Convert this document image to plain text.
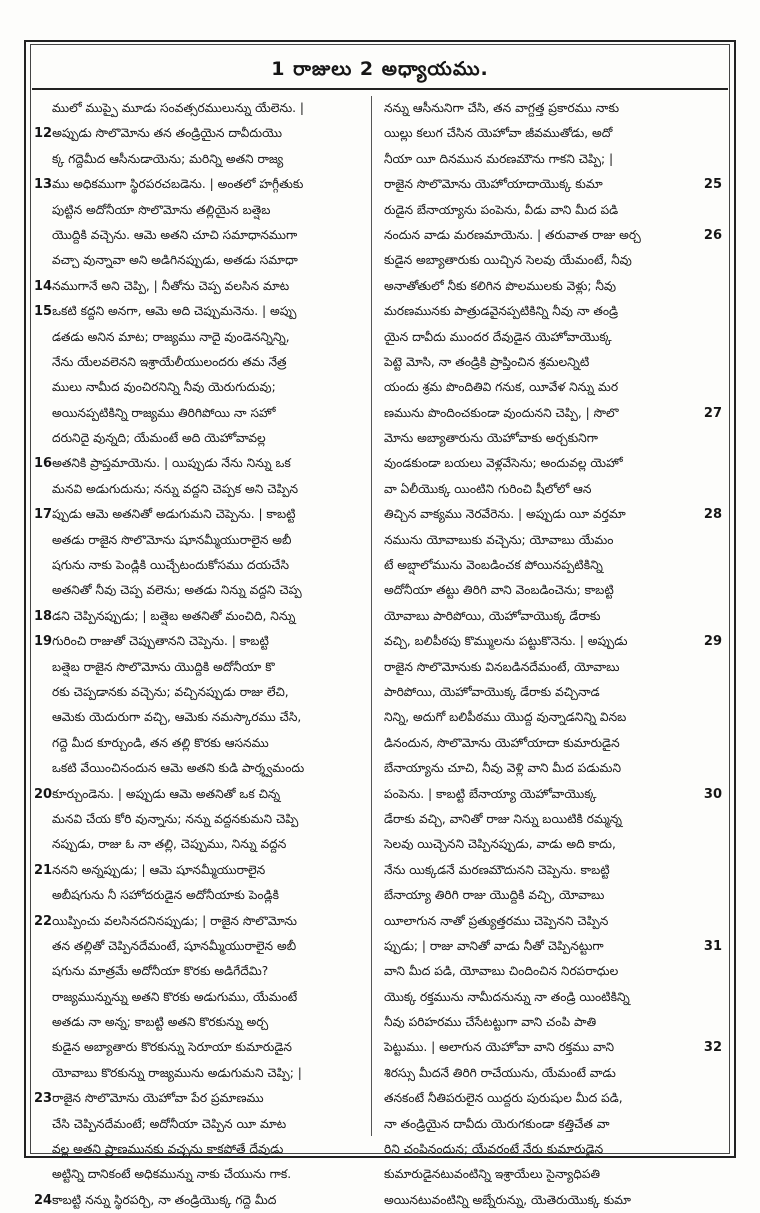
1 రాజులు 2 అధ్యాయము.
ములో ముప్పై మూడు సంవత్సరములున్ను యేలెను. |
12అప్పుడు సొలొమోను తన తండ్రియైన దావీదుయొ
క్క గద్దెమీద ఆసీనుడాయెను; మరిన్ని అతని రాజ్య
13ము అధికముగా స్థిరపరచబడెను. | అంతలో హగ్గీతుకు
పుట్టిన అదోనీయా సొలొమోను తల్లియైన బత్షెబ
యొద్దికి వచ్చెను. ఆమె అతని చూచి సమాధానముగా
వచ్చా వున్నావా అని అడిగినప్పుడు, అతడు సమాధా
14నముగానే అని చెప్పి, | నీతోను చెప్ప వలసిన మాట
15ఒకటి కద్దని అనగా, ఆమె అది చెప్పుమనెను. | అప్పు
డతడు అనిన మాట; రాజ్యము నాదై వుండెనన్నిన్ని,
నేను యేలవలెనని ఇశ్రాయేలీయులందరు తమ నేత్ర
ములు నామీద వుంచిరనిన్ని నీవు యెరుగుదువు;
అయినప్పటికిన్ని రాజ్యము తిరిగిపోయి నా సహో
దరునిదై వున్నది; యేమంటే అది యెహోవావల్ల
16అతనికి ప్రాప్తమాయెను. | యిప్పుడు నేను నిన్ను ఒక
మనవి అడుగుదును; నన్ను వద్దని చెప్పక అని చెప్పిన
17ప్పుడు ఆమె అతనితో అడుగుమని చెప్పెను. | కాబట్టి
అతడు రాజైన సొలొమోను షూనమ్మీయురాలైన అబీ
షగును నాకు పెండ్లికి యిచ్చేటందుకోసము దయచేసి
అతనితో నీవు చెప్ప వలెను; అతడు నిన్ను వద్దని చెప్ప
18డని చెప్పినప్పుడు; | బత్షెబ అతనితో మంచిది, నిన్ను
19గురించి రాజుతో చెప్పుతానని చెప్పెను. | కాబట్టి
బత్షెబ రాజైన సొలొమోను యొద్దికి అదోనీయా కొ
రకు చెప్పడానకు వచ్చెను; వచ్చినప్పుడు రాజు లేచి,
ఆమెకు యెదురుగా వచ్చి, ఆమెకు నమస్కారము చేసి,
గద్దె మీద కూర్చుండి, తన తల్లి కొరకు ఆసనము
ఒకటి వేయించినందున ఆమె అతని కుడి పార్శ్వమందు
20కూర్చుండెను. | అప్పుడు ఆమె అతనితో ఒక చిన్న
మనవి చేయ కోరి వున్నాను; నన్ను వద్దనకుమని చెప్పి
నప్పుడు, రాజు ఓ నా తల్లి, చెప్పుము, నిన్ను వద్దన
21ననని అన్నప్పుడు; | ఆమె షూనమ్మీయురాలైన
అబీషగును నీ సహోదరుడైన అదోనీయాకు పెండ్లికి
22యిప్పించు వలసినదనినప్పుడు; | రాజైన సొలొమోను
తన తల్లితో చెప్పినదేమంటే, షూనమ్మీయురాలైన అబీ
షగును మాత్రమే అదోనీయా కొరకు అడిగేదేమి?
రాజ్యమున్నున్ను అతని కొరకు అడుగుము, యేమంటే
అతడు నా అన్న; కాబట్టి అతని కొరకున్ను అర్చ
కుడైన అబ్యాతారు కొరకున్ను సెరూయా కుమారుడైన
యోవాబు కొరకున్ను రాజ్యమును అడుగుమని చెప్పి; |
23రాజైన సొలొమోను యెహోవా పేర ప్రమాణము
చేసి చెప్పినదేమంటే; అదోనీయా చెప్పిన యీ మాట
వల్ల అతని ప్రాణమునకు వచ్చను కాకపోతే దేవుడు
అట్టిన్ని దానికంటే అధికమున్ను నాకు చేయును గాక.
24కాబట్టి నన్ను స్థిరపర్చి, నా తండ్రియొక్క గద్దె మీద
నన్ను ఆసీనునిగా చేసి, తన వాగ్దత్త ప్రకారము నాకు
యిల్లు కలుగ చేసిన యెహోవా జీవముతోడు, అదో
నీయా యీ దినమున మరణమౌను గాకని చెప్పి; |
రాజైన సొలొమోను యెహోయాదాయొక్క కుమా	25
రుడైన బేనాయ్యాను పంపెను, వీడు వాని మీద పడి
నందున వాడు మరణమాయెను. | తరువాత రాజు అర్చ	26
కుడైన అబ్యాతారుకు యిచ్చిన సెలవు యేమంటే, నీవు
అనాతోతులో నీకు కలిగిన పొలములకు వెళ్లు; నీవు
మరణమునకు పాత్రుడవైనప్పటికిన్ని నీవు నా తండ్రి
యైన దావీదు ముందర దేవుడైన యెహోవాయొక్క
పెట్టె మోసి, నా తండ్రికి ప్రాప్తించిన శ్రమలన్నిటి
యందు శ్రమ పొందితివి గనుక, యీవేళ నిన్ను మర
ణమును పొందించకుండా వుందునని చెప్పి, | సొలొ	27
మోను అబ్యాతారును యెహోవాకు అర్చకునిగా
వుండకుండా బయలు వెళ్లవేసెను; అందువల్ల యెహో
వా ఏలీయొక్క యింటిని గురించి షీలోలో ఆన
తిచ్చిన వాక్యము నెరవేరెను. | అప్పుడు యీ వర్తమా	28
నమును యోవాబుకు వచ్చెను; యోవాబు యేమం
టే అబ్షాలోమును వెంబడించక పోయినప్పటికిన్ని
అదోనీయా తట్టు తిరిగి వాని వెంబడించెను; కాబట్టి
యోవాబు పారిపోయి, యెహోవాయొక్క డేరాకు
వచ్చి, బలిపీఠపు కొమ్ములను పట్టుకొనెను. | అప్పుడు	29
రాజైన సొలొమోనుకు వినబడినదేమంటే, యోవాబు
పారిపోయి, యెహోవాయొక్క డేరాకు వచ్చినాడ
నిన్ని, అదుగో బలిపీఠము యొద్ద వున్నాడనిన్ని వినబ
డినందున, సొలొమోను యెహోయాదా కుమారుడైన
బేనాయ్యాను చూచి, నీవు వెళ్లి వాని మీద పడుమని
పంపెను. | కాబట్టి బేనాయ్యా యెహోవాయొక్క	30
డేరాకు వచ్చి, వానితో రాజు నిన్ను బయిటికి రమ్మన్న
సెలవు యిచ్చెనని చెప్పినప్పుడు, వాడు అది కాదు,
నేను యిక్కడనే మరణమౌదునని చెప్పెను. కాబట్టి
బేనాయ్యా తిరిగి రాజు యొద్దికి వచ్చి, యోవాబు
యీలాగున నాతో ప్రత్యుత్తరము చెప్పెనని చెప్పిన
ప్పుడు; | రాజు వానితో వాడు నీతో చెప్పినట్టుగా	31
వాని మీద పడి, యోవాబు చిందించిన నిరపరాధుల
యొక్క రక్తమును నామీదనున్ను నా తండ్రి యింటికిన్ని
నీవు పరిహరము చేసేటట్టుగా వాని చంపి పాతి
పెట్టుము. | అలాగున యెహోవా వాని రక్తము వాని	32
శిరస్సు మీదనే తిరిగి రాచేయును, యేమంటే వాడు
తనకంటే నీతిపరులైన యిద్దరు పురుషుల మీద పడి,
నా తండ్రియైన దావీదు యెరుగకుండా కత్తిచేత వా
రిని చంపినందున; యేవరంటే నేరు కుమారుడైన
కుమారుడైనటువంటిన్ని ఇశ్రాయేలు సైన్యాధిపతి
అయినటువంటిన్ని అబ్నేరున్ను, యెతెరుయొక్క కుమా
